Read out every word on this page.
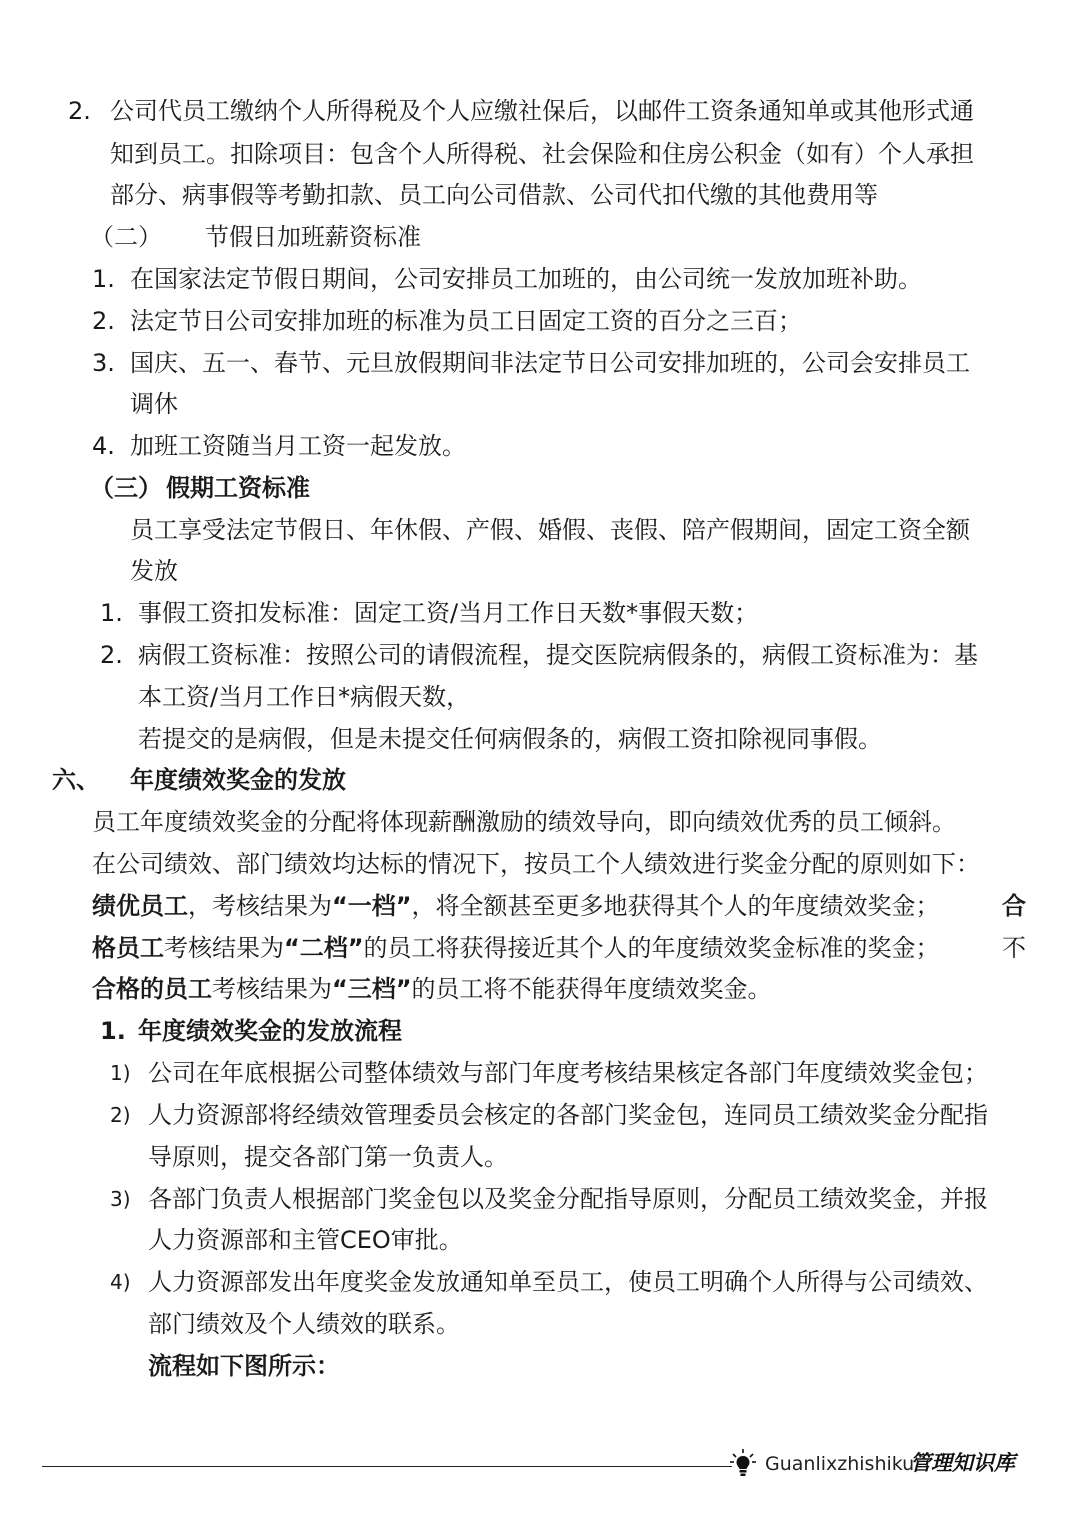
2. 公司代员工缴纳个人所得税及个人应缴社保后，以邮件工资条通知单或其他形式通
知到员工。扣除项目：包含个人所得税、社会保险和住房公积金（如有）个人承担
部分、病事假等考勤扣款、员工向公司借款、公司代扣代缴的其他费用等
（二） 节假日加班薪资标准
1. 在国家法定节假日期间，公司安排员工加班的，由公司统一发放加班补助。
2. 法定节日公司安排加班的标准为员工日固定工资的百分之三百；
3. 国庆、五一、春节、元旦放假期间非法定节日公司安排加班的，公司会安排员工
调休
4. 加班工资随当月工资一起发放。
（三） 假期工资标准
员工享受法定节假日、年休假、产假、婚假、丧假、陪产假期间，固定工资全额
发放
1. 事假工资扣发标准：固定工资/当月工作日天数*事假天数；
2. 病假工资标准：按照公司的请假流程，提交医院病假条的，病假工资标准为：基
本工资/当月工作日*病假天数，
若提交的是病假，但是未提交任何病假条的，病假工资扣除视同事假。
六、 年度绩效奖金的发放
员工年度绩效奖金的分配将体现薪酬激励的绩效导向，即向绩效优秀的员工倾斜。
在公司绩效、部门绩效均达标的情况下，按员工个人绩效进行奖金分配的原则如下：
绩优员工，考核结果为“一档”，将全额甚至更多地获得其个人的年度绩效奖金；	合
格员工考核结果为“二档”的员工将获得接近其个人的年度绩效奖金标准的奖金；	不
合格的员工考核结果为“三档”的员工将不能获得年度绩效奖金。
1. 年度绩效奖金的发放流程
1) 公司在年底根据公司整体绩效与部门年度考核结果核定各部门年度绩效奖金包；
2) 人力资源部将经绩效管理委员会核定的各部门奖金包，连同员工绩效奖金分配指
导原则，提交各部门第一负责人。
3) 各部门负责人根据部门奖金包以及奖金分配指导原则，分配员工绩效奖金，并报
人力资源部和主管CEO审批。
4) 人力资源部发出年度奖金发放通知单至员工，使员工明确个人所得与公司绩效、
部门绩效及个人绩效的联系。
流程如下图所示：
Guanlixzhishiku
管理知识库
